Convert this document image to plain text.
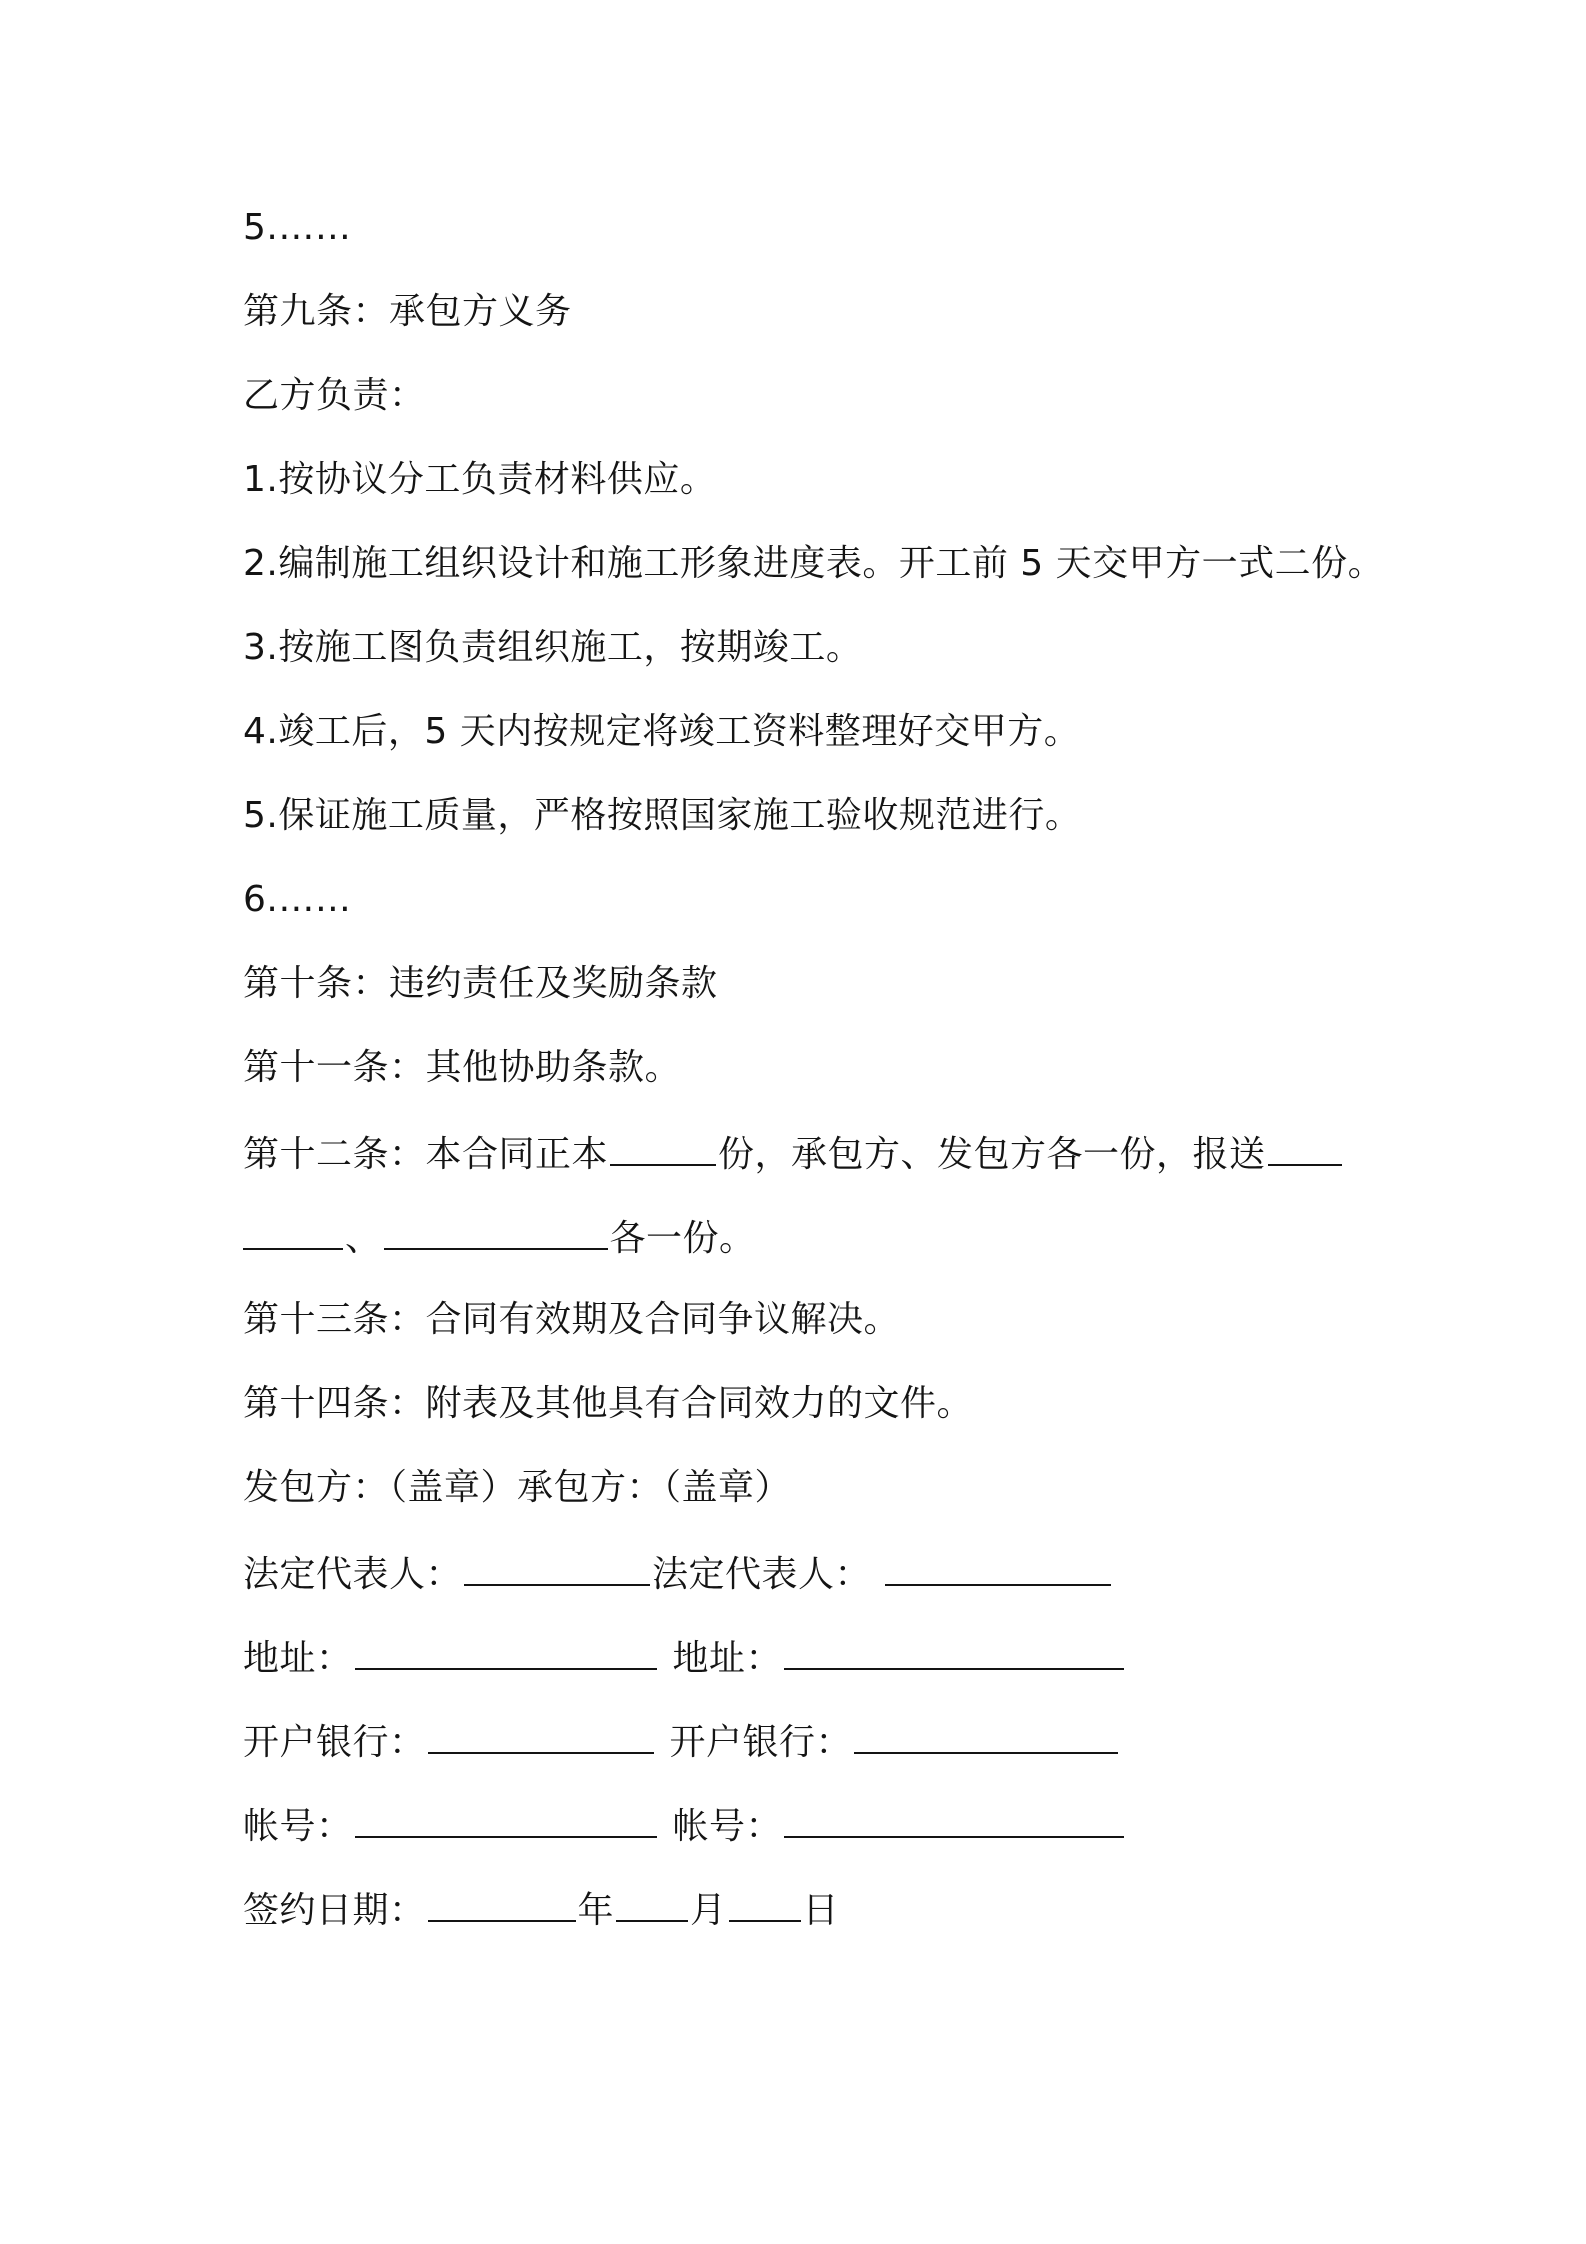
5.……
第九条：承包方义务
乙方负责：
1.按协议分工负责材料供应。
2.编制施工组织设计和施工形象进度表。开工前 5 天交甲方一式二份。
3.按施工图负责组织施工，按期竣工。
4.竣工后，5 天内按规定将竣工资料整理好交甲方。
5.保证施工质量，严格按照国家施工验收规范进行。
6.……
第十条：违约责任及奖励条款
第十一条：其他协助条款。
第十二条：本合同正本	份，承包方、发包方各一份，报送
、	各一份。
第十三条：合同有效期及合同争议解决。
第十四条：附表及其他具有合同效力的文件。
发包方：（盖章）承包方：（盖章）
法定代表人：	法定代表人：
地址：	地址：
开户银行：	开户银行：
帐号：	帐号：
签约日期：	年 月 日
